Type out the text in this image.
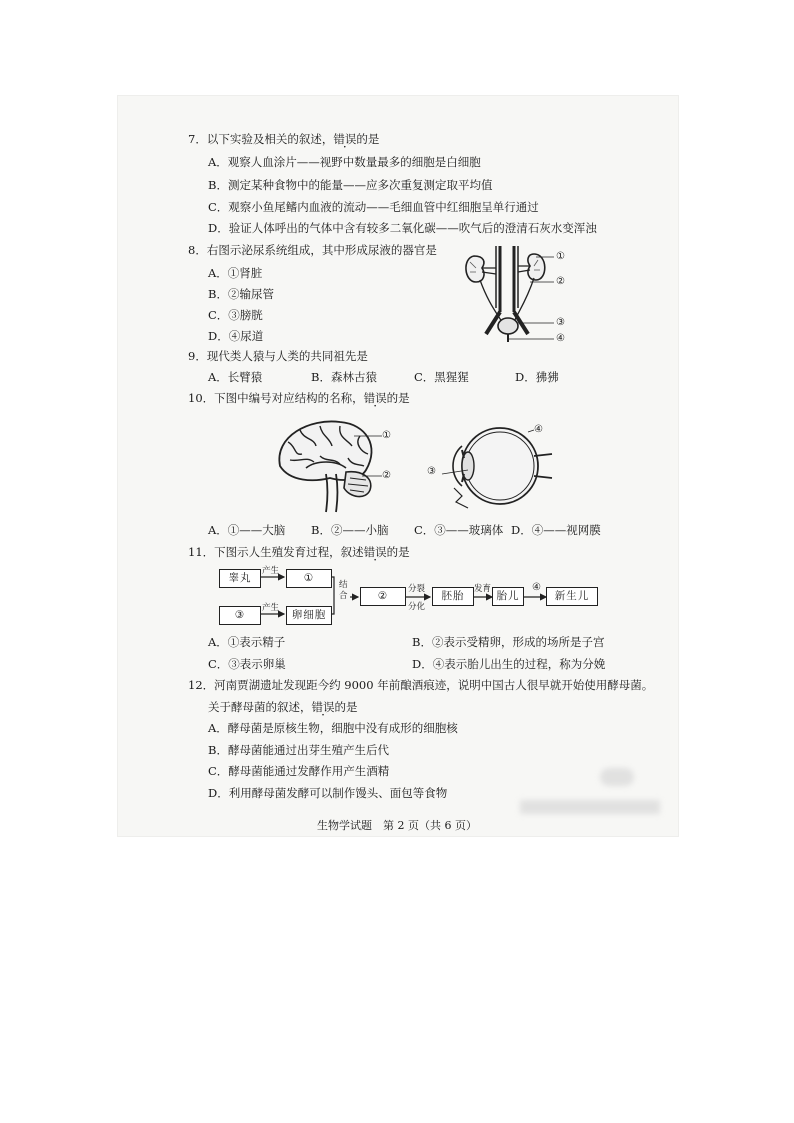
7．以下实验及相关的叙述，错误的是
A．观察人血涂片——视野中数量最多的细胞是白细胞
B．测定某种食物中的能量——应多次重复测定取平均值
C．观察小鱼尾鳍内血液的流动——毛细血管中红细胞呈单行通过
D．验证人体呼出的气体中含有较多二氧化碳——吹气后的澄清石灰水变浑浊
8．右图示泌尿系统组成，其中形成尿液的器官是
A．①肾脏
B．②输尿管
C．③膀胱
D．④尿道
①
②
③
④
9．现代类人猿与人类的共同祖先是
A．长臂猿	B．森林古猿	C．黑猩猩	D．狒狒
10．下图中编号对应结构的名称，错误的是
①
②	③
④
A．①——大脑 B．②——小脑 C．③——玻璃体 D．④——视网膜
11．下图示人生殖发育过程，叙述错误的是
睾丸
产生
①
③
产生
卵细胞
结合	②
分裂
分化
胚胎
发育
胎儿
④
新生儿
A．①表示精子	B．②表示受精卵，形成的场所是子宫
C．③表示卵巢	D．④表示胎儿出生的过程，称为分娩
12．河南贾湖遗址发现距今约 9000 年前酿酒痕迹，说明中国古人很早就开始使用酵母菌。
关于酵母菌的叙述，错误的是
A．酵母菌是原核生物，细胞中没有成形的细胞核
B．酵母菌能通过出芽生殖产生后代
C．酵母菌能通过发酵作用产生酒精
D．利用酵母菌发酵可以制作馒头、面包等食物
生物学试题　第 2 页（共 6 页）
